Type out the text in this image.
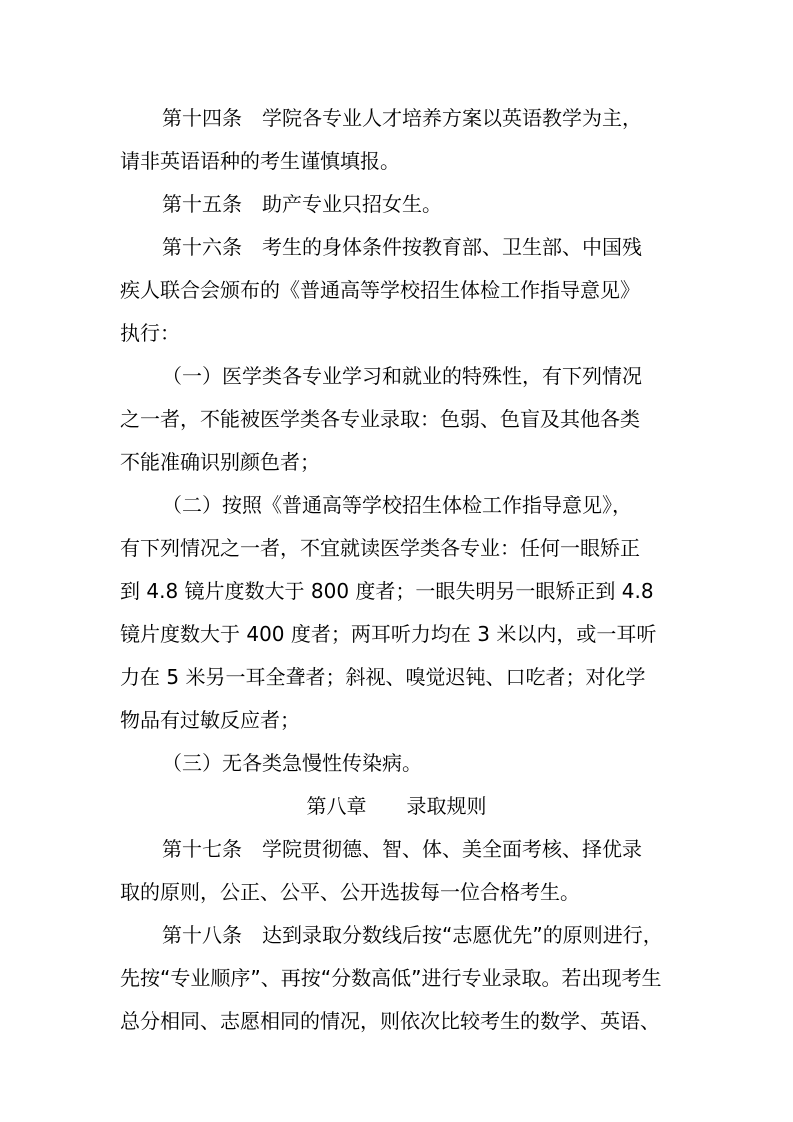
第十四条　学院各专业人才培养方案以英语教学为主，
请非英语语种的考生谨慎填报。
第十五条　助产专业只招女生。
第十六条　考生的身体条件按教育部、卫生部、中国残
疾人联合会颁布的《普通高等学校招生体检工作指导意见》
执行：
（一）医学类各专业学习和就业的特殊性，有下列情况
之一者，不能被医学类各专业录取：色弱、色盲及其他各类
不能准确识别颜色者；
（二）按照《普通高等学校招生体检工作指导意见》，
有下列情况之一者，不宜就读医学类各专业：任何一眼矫正
到 4.8 镜片度数大于 800 度者；一眼失明另一眼矫正到 4.8
镜片度数大于 400 度者；两耳听力均在 3 米以内，或一耳听
力在 5 米另一耳全聋者；斜视、嗅觉迟钝、口吃者；对化学
物品有过敏反应者；
（三）无各类急慢性传染病。
第八章　　录取规则
第十七条　学院贯彻德、智、体、美全面考核、择优录
取的原则，公正、公平、公开选拔每一位合格考生。
第十八条　达到录取分数线后按“志愿优先”的原则进行，
先按“专业顺序”、再按“分数高低”进行专业录取。若出现考生
总分相同、志愿相同的情况，则依次比较考生的数学、英语、
